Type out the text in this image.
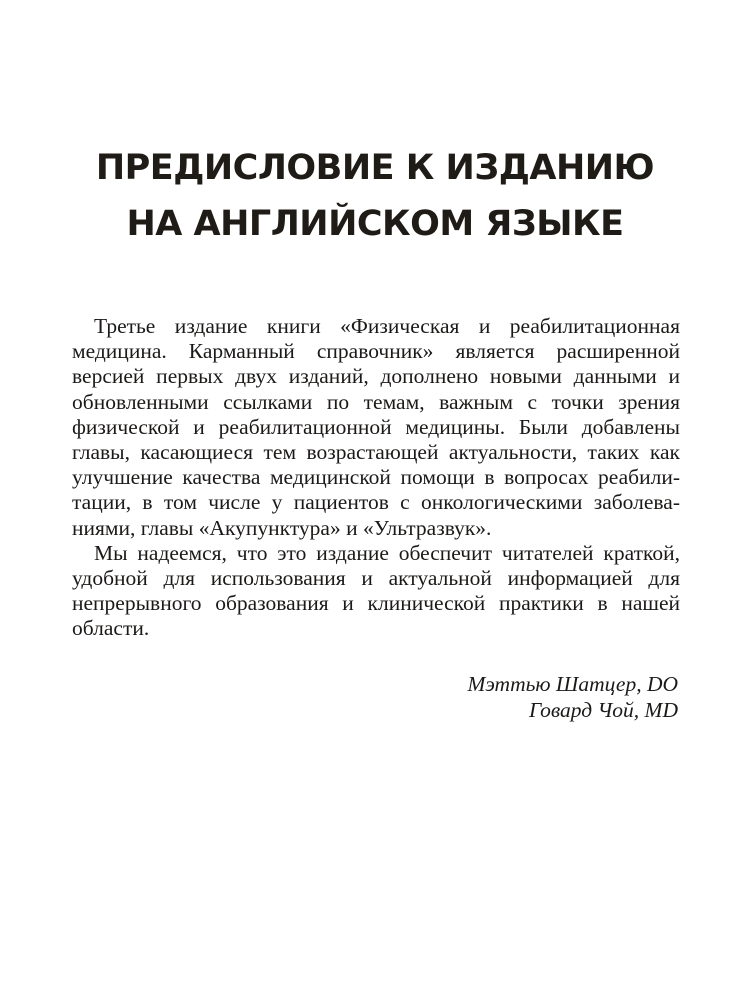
ПРЕДИСЛОВИЕ К ИЗДАНИЮ
НА АНГЛИЙСКОМ ЯЗЫКЕ

Третье издание книги «Физическая и реабилитационная медицина. Карманный справочник» является расширенной версией первых двух изданий, дополнено новыми данными и обновленными ссылками по темам, важным с точки зрения физической и реабилитационной медицины. Были добавлены главы, касающиеся тем возрастающей актуальности, таких как улучшение качества медицинской помощи в вопросах реабилитации, в том числе у пациентов с онкологическими заболеваниями, главы «Акупунктура» и «Ультразвук».

Мы надеемся, что это издание обеспечит читателей краткой, удобной для использования и актуальной информацией для непрерывного образования и клинической практики в нашей области.

Мэттью Шатцер, DO
Говард Чой, MD
